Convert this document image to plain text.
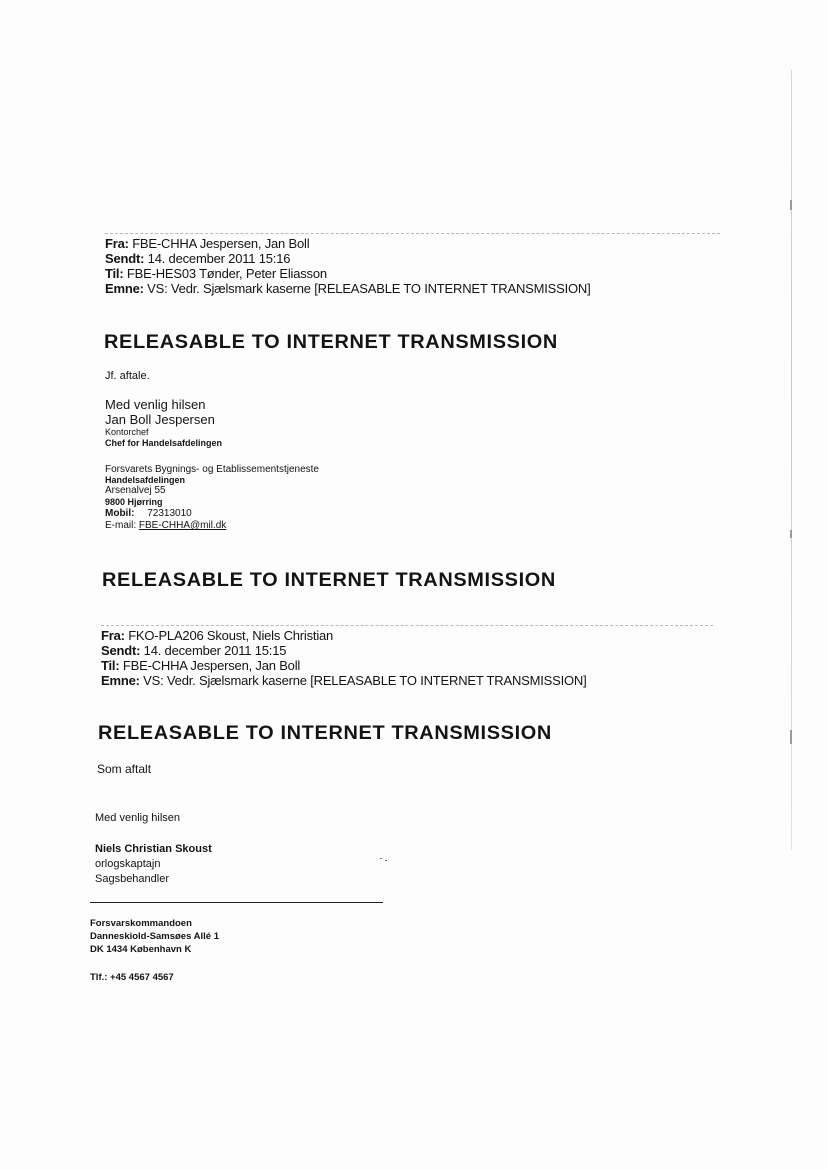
Fra: FBE-CHHA Jespersen, Jan Boll
Sendt: 14. december 2011 15:16
Til: FBE-HES03 Tønder, Peter Eliasson
Emne: VS: Vedr. Sjælsmark kaserne [RELEASABLE TO INTERNET TRANSMISSION]
RELEASABLE TO INTERNET TRANSMISSION
Jf. aftale.
Med venlig hilsen
Jan Boll Jespersen
Kontorchef
Chef for Handelsafdelingen
Forsvarets Bygnings- og Etablissementstjeneste
Handelsafdelingen
Arsenalvej 55
9800 Hjørring
Mobil: 72313010
E-mail: FBE-CHHA@mil.dk
RELEASABLE TO INTERNET TRANSMISSION
Fra: FKO-PLA206 Skoust, Niels Christian
Sendt: 14. december 2011 15:15
Til: FBE-CHHA Jespersen, Jan Boll
Emne: VS: Vedr. Sjælsmark kaserne [RELEASABLE TO INTERNET TRANSMISSION]
RELEASABLE TO INTERNET TRANSMISSION
Som aftalt
Med venlig hilsen
Niels Christian Skoust
orlogskaptajn
Sagsbehandler
Forsvarskommandoen
Danneskiold-Samsøes Allé 1
DK 1434 København K
Tlf.: +45 4567 4567
